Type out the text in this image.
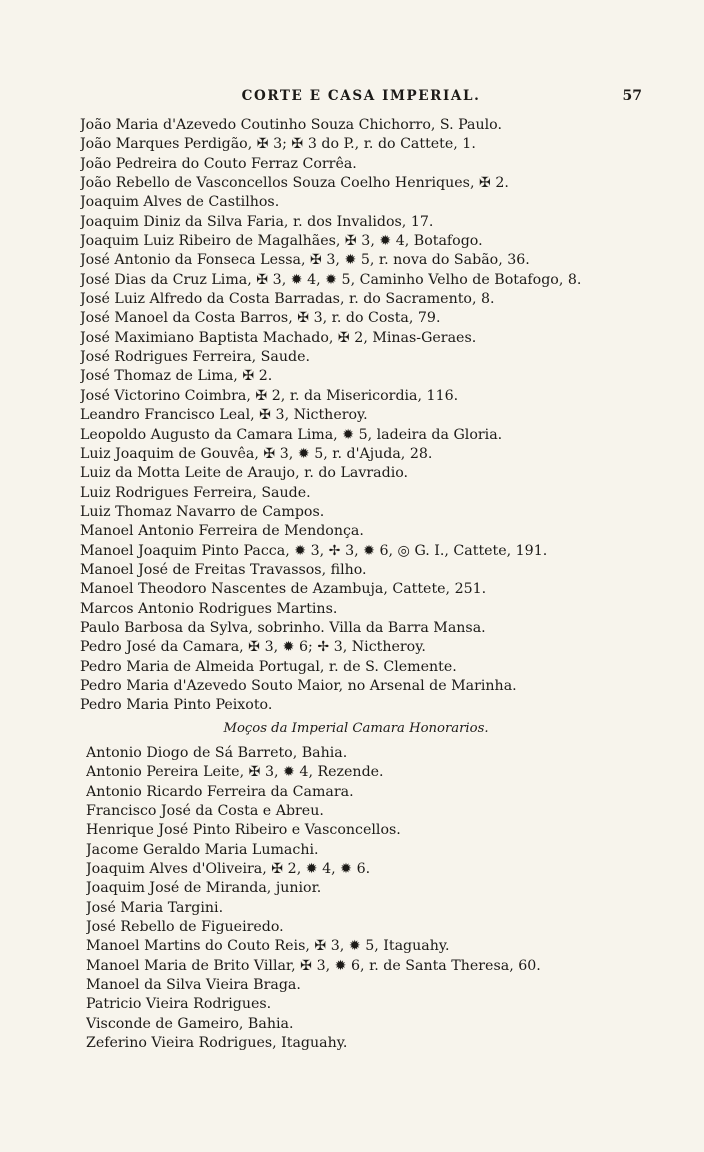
CORTE E CASA IMPERIAL.	57
João Maria d'Azevedo Coutinho Souza Chichorro, S. Paulo.
João Marques Perdigão, ✠ 3; ✠ 3 do P., r. do Cattete, 1.
João Pedreira do Couto Ferraz Corrêa.
João Rebello de Vasconcellos Souza Coelho Henriques, ✠ 2.
Joaquim Alves de Castilhos.
Joaquim Diniz da Silva Faria, r. dos Invalidos, 17.
Joaquim Luiz Ribeiro de Magalhães, ✠ 3, ✹ 4, Botafogo.
José Antonio da Fonseca Lessa, ✠ 3, ✹ 5, r. nova do Sabão, 36.
José Dias da Cruz Lima, ✠ 3, ✹ 4, ✹ 5, Caminho Velho de Botafogo, 8.
José Luiz Alfredo da Costa Barradas, r. do Sacramento, 8.
José Manoel da Costa Barros, ✠ 3, r. do Costa, 79.
José Maximiano Baptista Machado, ✠ 2, Minas-Geraes.
José Rodrigues Ferreira, Saude.
José Thomaz de Lima, ✠ 2.
José Victorino Coimbra, ✠ 2, r. da Misericordia, 116.
Leandro Francisco Leal, ✠ 3, Nictheroy.
Leopoldo Augusto da Camara Lima, ✹ 5, ladeira da Gloria.
Luiz Joaquim de Gouvêa, ✠ 3, ✹ 5, r. d'Ajuda, 28.
Luiz da Motta Leite de Araujo, r. do Lavradio.
Luiz Rodrigues Ferreira, Saude.
Luiz Thomaz Navarro de Campos.
Manoel Antonio Ferreira de Mendonça.
Manoel Joaquim Pinto Pacca, ✹ 3, ✢ 3, ✹ 6, ◎ G. I., Cattete, 191.
Manoel José de Freitas Travassos, filho.
Manoel Theodoro Nascentes de Azambuja, Cattete, 251.
Marcos Antonio Rodrigues Martins.
Paulo Barbosa da Sylva, sobrinho. Villa da Barra Mansa.
Pedro José da Camara, ✠ 3, ✹ 6; ✢ 3, Nictheroy.
Pedro Maria de Almeida Portugal, r. de S. Clemente.
Pedro Maria d'Azevedo Souto Maior, no Arsenal de Marinha.
Pedro Maria Pinto Peixoto.
Moços da Imperial Camara Honorarios.
Antonio Diogo de Sá Barreto, Bahia.
Antonio Pereira Leite, ✠ 3, ✹ 4, Rezende.
Antonio Ricardo Ferreira da Camara.
Francisco José da Costa e Abreu.
Henrique José Pinto Ribeiro e Vasconcellos.
Jacome Geraldo Maria Lumachi.
Joaquim Alves d'Oliveira, ✠ 2, ✹ 4, ✹ 6.
Joaquim José de Miranda, junior.
José Maria Targini.
José Rebello de Figueiredo.
Manoel Martins do Couto Reis, ✠ 3, ✹ 5, Itaguahy.
Manoel Maria de Brito Villar, ✠ 3, ✹ 6, r. de Santa Theresa, 60.
Manoel da Silva Vieira Braga.
Patricio Vieira Rodrigues.
Visconde de Gameiro, Bahia.
Zeferino Vieira Rodrigues, Itaguahy.
